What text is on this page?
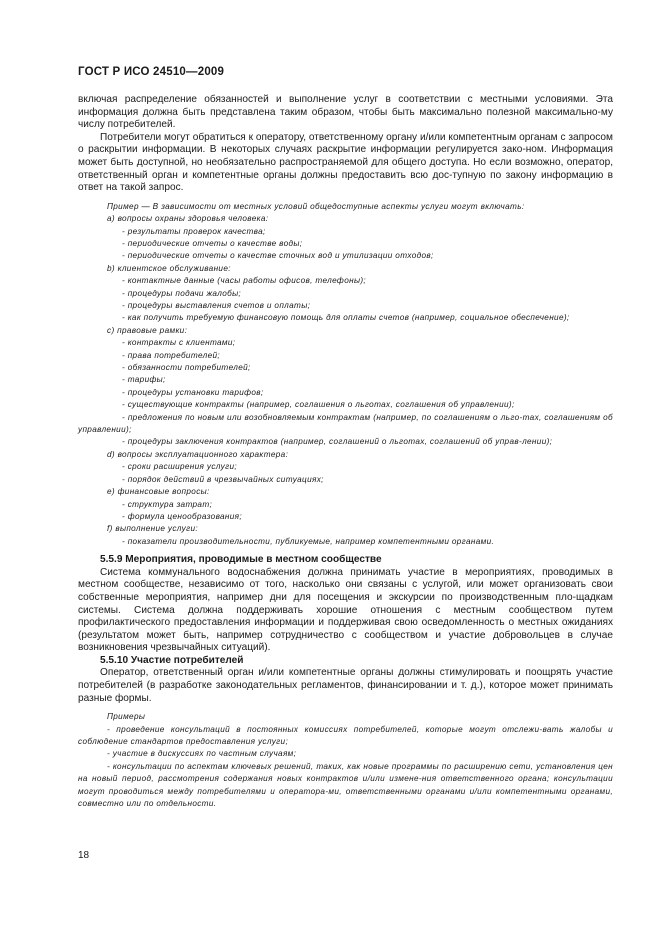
ГОСТ Р ИСО 24510—2009

включая распределение обязанностей и выполнение услуг в соответствии с местными условиями. Эта информация должна быть представлена таким образом, чтобы быть максимально полезной максимально-му числу потребителей.

Потребители могут обратиться к оператору, ответственному органу и/или компетентным органам с запросом о раскрытии информации. В некоторых случаях раскрытие информации регулируется зако-ном. Информация может быть доступной, но необязательно распространяемой для общего доступа. Но если возможно, оператор, ответственный орган и компетентные органы должны предоставить всю дос-тупную по закону информацию в ответ на такой запрос.

Пример — В зависимости от местных условий общедоступные аспекты услуги могут включать:

а) вопросы охраны здоровья человека:

- результаты проверок качества;

- периодические отчеты о качестве воды;

- периодические отчеты о качестве сточных вод и утилизации отходов;

b) клиентское обслуживание:

- контактные данные (часы работы офисов, телефоны);

- процедуры подачи жалобы;

- процедуры выставления счетов и оплаты;

- как получить требуемую финансовую помощь для оплаты счетов (например, социальное обеспечение);

с) правовые рамки:

- контракты с клиентами;

- права потребителей;

- обязанности потребителей;

- тарифы;

- процедуры установки тарифов;

- существующие контракты (например, соглашения о льготах, соглашения об управлении);

- предложения по новым или возобновляемым контрактам (например, по соглашениям о льго-тах, соглашениям об управлении);

- процедуры заключения контрактов (например, соглашений о льготах, соглашений об управ-лении);

d) вопросы эксплуатационного характера:

- сроки расширения услуги;

- порядок действий в чрезвычайных ситуациях;

е) финансовые вопросы:

- структура затрат;

- формула ценообразования;

f) выполнение услуги:

- показатели производительности, публикуемые, например компетентными органами.

5.5.9 Мероприятия, проводимые в местном сообществе

Система коммунального водоснабжения должна принимать участие в мероприятиях, проводимых в местном сообществе, независимо от того, насколько они связаны с услугой, или может организовать свои собственные мероприятия, например дни для посещения и экскурсии по производственным пло-щадкам системы. Система должна поддерживать хорошие отношения с местным сообществом путем профилактического предоставления информации и поддерживая свою осведомленность о местных ожиданиях (результатом может быть, например сотрудничество с сообществом и участие добровольцев в случае возникновения чрезвычайных ситуаций).

5.5.10 Участие потребителей

Оператор, ответственный орган и/или компетентные органы должны стимулировать и поощрять участие потребителей (в разработке законодательных регламентов, финансировании и т. д.), которое может принимать разные формы.

Примеры

- проведение консультаций в постоянных комиссиях потребителей, которые могут отслежи-вать жалобы и соблюдение стандартов предоставления услуги;

- участие в дискуссиях по частным случаям;

- консультации по аспектам ключевых решений, таких, как новые программы по расширению сети, установления цен на новый период, рассмотрения содержания новых контрактов и/или измене-ния ответственного органа; консультации могут проводиться между потребителями и оператора-ми, ответственными органами и/или компетентными органами, совместно или по отдельности.

18
